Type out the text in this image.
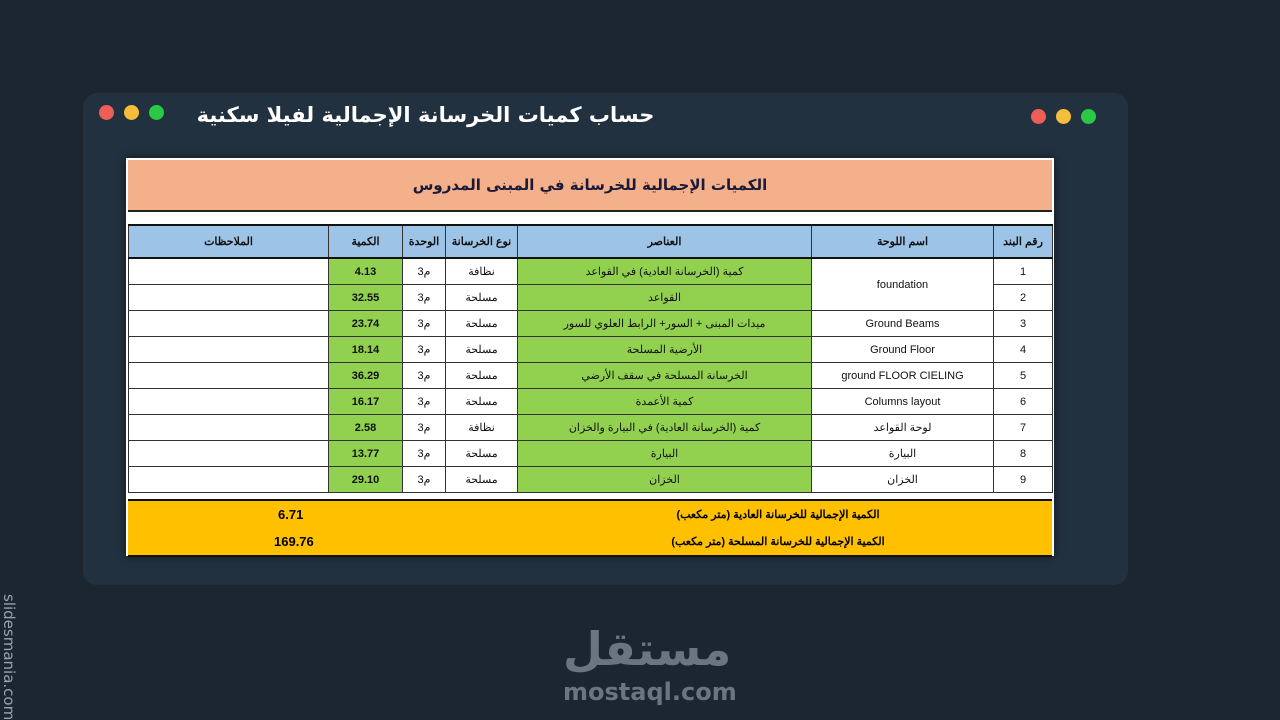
حساب كميات الخرسانة الإجمالية لفيلا سكنية
الكميات الإجمالية للخرسانة في المبنى المدروس
الملاحظات	الكمية	الوحدة	نوع الخرسانة	العناصر	اسم اللوحة	رقم البند
	4.13	م3	نظافة	كمية (الخرسانة العادية) في القواعد	foundation	1
	32.55	م3	مسلحة	القواعد		2
	23.74	م3	مسلحة	ميدات المبنى + السور+ الرابط العلوي للسور	Ground Beams	3
	18.14	م3	مسلحة	الأرضية المسلحة	Ground Floor	4
	36.29	م3	مسلحة	الخرسانة المسلحة في سقف الأرضي	ground FLOOR CIELING	5
	16.17	م3	مسلحة	كمية الأعمدة	Columns layout	6
	2.58	م3	نظافة	كمية (الخرسانة العادية) في البيارة والخزان	لوحة القواعد	7
	13.77	م3	مسلحة	البيارة	البيارة	8
	29.10	م3	مسلحة	الخزان	الخزان	9
6.71	الكمية الإجمالية للخرسانة العادية (متر مكعب)
169.76	الكمية الإجمالية للخرسانة المسلحة (متر مكعب)
مستقل
mostaql.com
slidesmania.com
